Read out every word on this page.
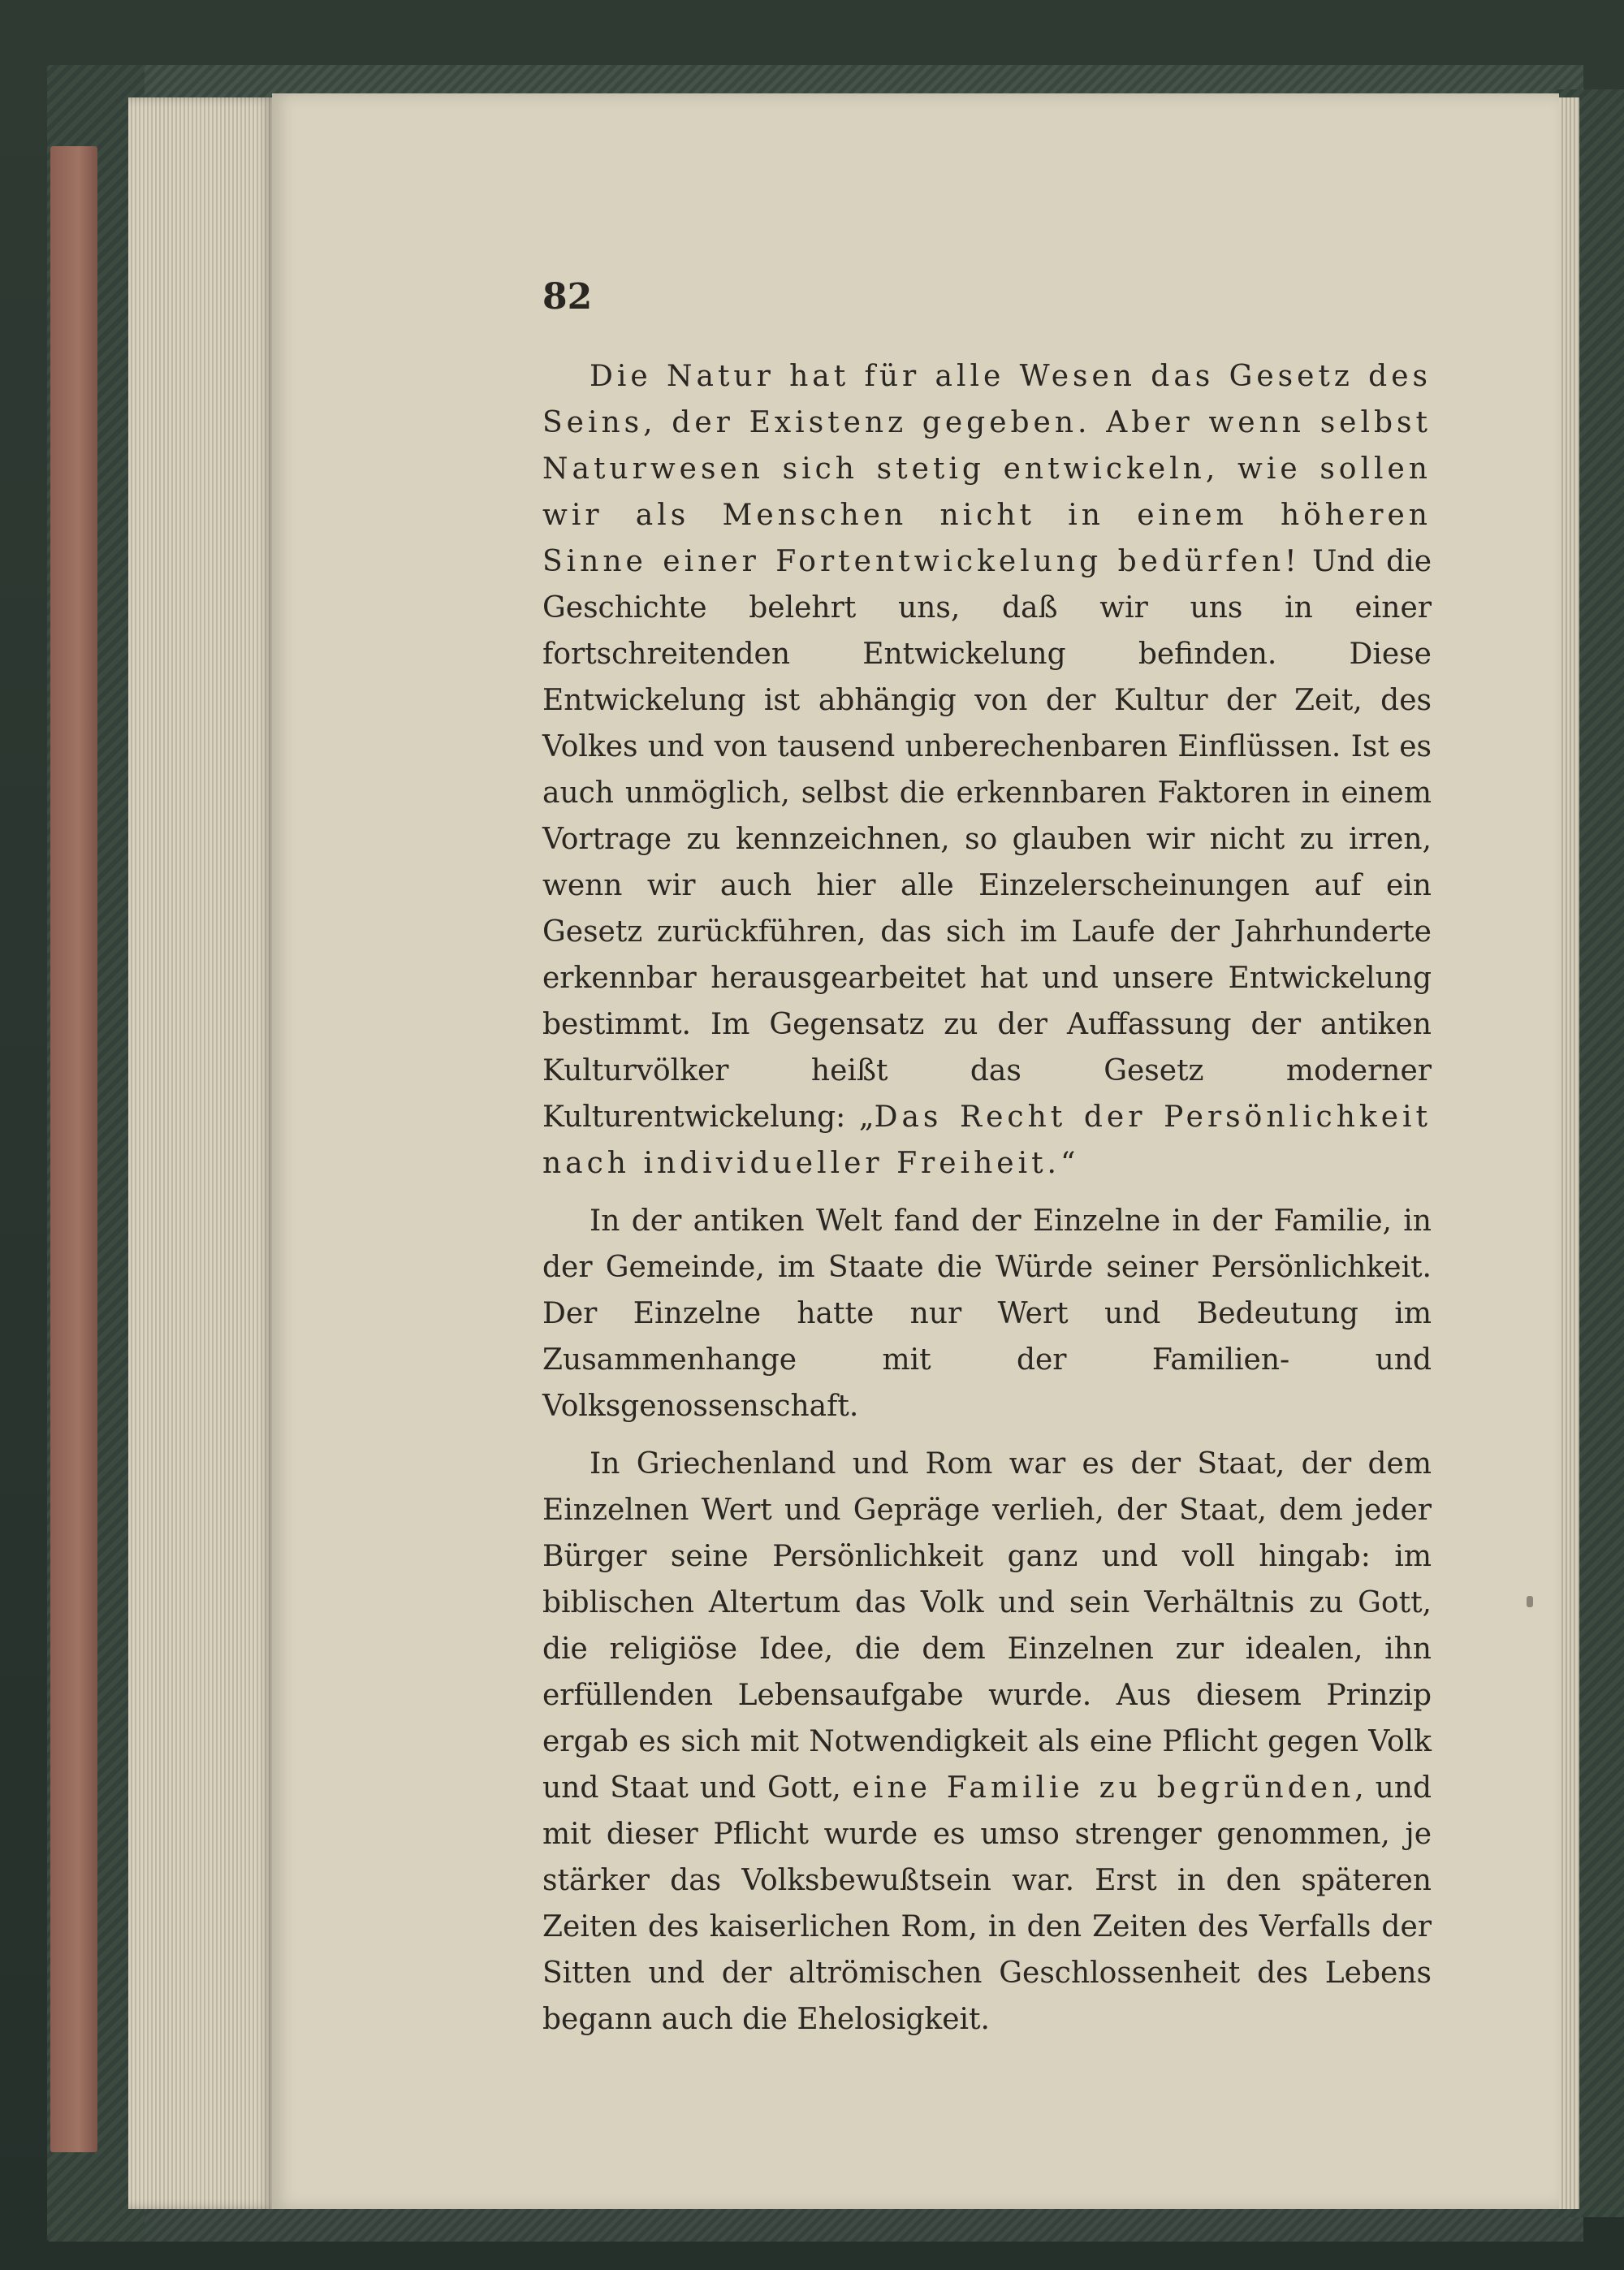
82

Die Natur hat für alle Wesen das Gesetz des Seins, der Existenz gegeben. Aber wenn selbst Naturwesen sich stetig entwickeln, wie sollen wir als Menschen nicht in einem höheren Sinne einer Fortentwickelung bedürfen! Und die Geschichte belehrt uns, daß wir uns in einer fortschreitenden Entwickelung befinden. Diese Entwickelung ist abhängig von der Kultur der Zeit, des Volkes und von tausend unberechenbaren Einflüssen. Ist es auch unmöglich, selbst die erkennbaren Faktoren in einem Vortrage zu kennzeichnen, so glauben wir nicht zu irren, wenn wir auch hier alle Einzelerscheinungen auf ein Gesetz zurückführen, das sich im Laufe der Jahrhunderte erkennbar herausgearbeitet hat und unsere Entwickelung bestimmt. Im Gegensatz zu der Auffassung der antiken Kulturvölker heißt das Gesetz moderner Kulturentwickelung: „Das Recht der Persönlichkeit nach individueller Freiheit.“

In der antiken Welt fand der Einzelne in der Familie, in der Gemeinde, im Staate die Würde seiner Persönlichkeit. Der Einzelne hatte nur Wert und Bedeutung im Zusammenhange mit der Familien- und Volksgenossenschaft.

In Griechenland und Rom war es der Staat, der dem Einzelnen Wert und Gepräge verlieh, der Staat, dem jeder Bürger seine Persönlichkeit ganz und voll hingab: im biblischen Altertum das Volk und sein Verhältnis zu Gott, die religiöse Idee, die dem Einzelnen zur idealen, ihn erfüllenden Lebensaufgabe wurde. Aus diesem Prinzip ergab es sich mit Notwendigkeit als eine Pflicht gegen Volk und Staat und Gott, eine Familie zu begründen, und mit dieser Pflicht wurde es umso strenger genommen, je stärker das Volksbewußtsein war. Erst in den späteren Zeiten des kaiserlichen Rom, in den Zeiten des Verfalls der Sitten und der altrömischen Geschlossenheit des Lebens begann auch die Ehelosigkeit.
